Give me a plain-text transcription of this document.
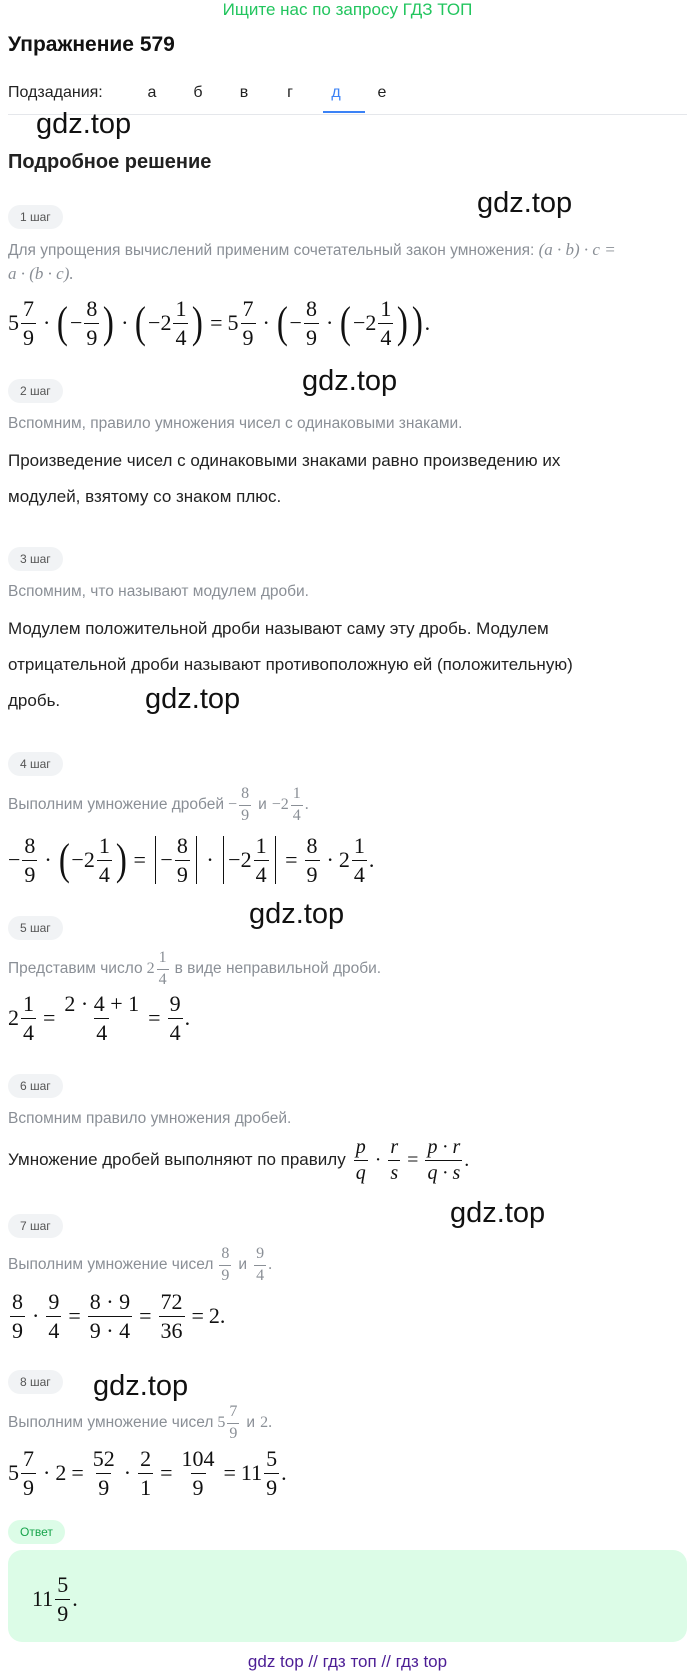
Ищите нас по запросу ГДЗ ТОП
Упражнение 579
Подзадания:	а	б	в	г	д	е
gdz.top
gdz.top
gdz.top
gdz.top
gdz.top
gdz.top
gdz.top
Подробное решение
1 шаг
Для упрощения вычислений применим сочетательный закон умножения: (a · b) · c =
a · (b · c).
$5 \frac{7}{9}$ · ( − $\frac{8}{9}$ ) · ( $-2 \frac{1}{4}$ ) = $5 \frac{7}{9}$ · ( − $\frac{8}{9}$ · ( $-2 \frac{1}{4}$ ) ) .
2 шаг
Вспомним, правило умножения чисел с одинаковыми знаками.
Произведение чисел с одинаковыми знаками равно произведению их
модулей, взятому со знаком плюс.
3 шаг
Вспомним, что называют модулем дроби.
Модулем положительной дроби называют саму эту дробь. Модулем
отрицательной дроби называют противоположную ей (положительную)
дробь.
4 шаг
Выполним умножение дробей − $\frac{8}{9}$ $и -2 \frac{1}{4}$ .
− $\frac{8}{9}$ · ( $-2 \frac{1}{4}$ ) = − $\frac{8}{9} \cdot -2 \frac{1}{4} = \frac{8}{9} \cdot 2 \frac{1}{4}$ .
5 шаг
Представим число $2 \frac{1}{4}$ в виде неправильной дроби.
$2 \frac{1}{4} = \frac{2 \cdot 4 + 1}{4} = \frac{9}{4}$ .
6 шаг
Вспомним правило умножения дробей.
Умножение дробей выполняют по правилу $\frac{p}{q} \cdot \frac{r}{s} = \frac{p \cdot r}{q \cdot s}$ .
7 шаг
Выполним умножение чисел $\frac{8}{9}$ и $\frac{9}{4}$ .
$\frac{8}{9} \cdot \frac{9}{4} = \frac{8 \cdot 9}{9 \cdot 4} = \frac{72}{36} = 2$.
8 шаг
Выполним умножение чисел $5 \frac{7}{9}$ и 2.
$5 \frac{7}{9} \cdot 2 = \frac{52}{9} \cdot \frac{2}{1} = \frac{104}{9} = 11 \frac{5}{9}$ .
Ответ
$11 \frac{5}{9}$ .
gdz top // гдз топ // гдз top
